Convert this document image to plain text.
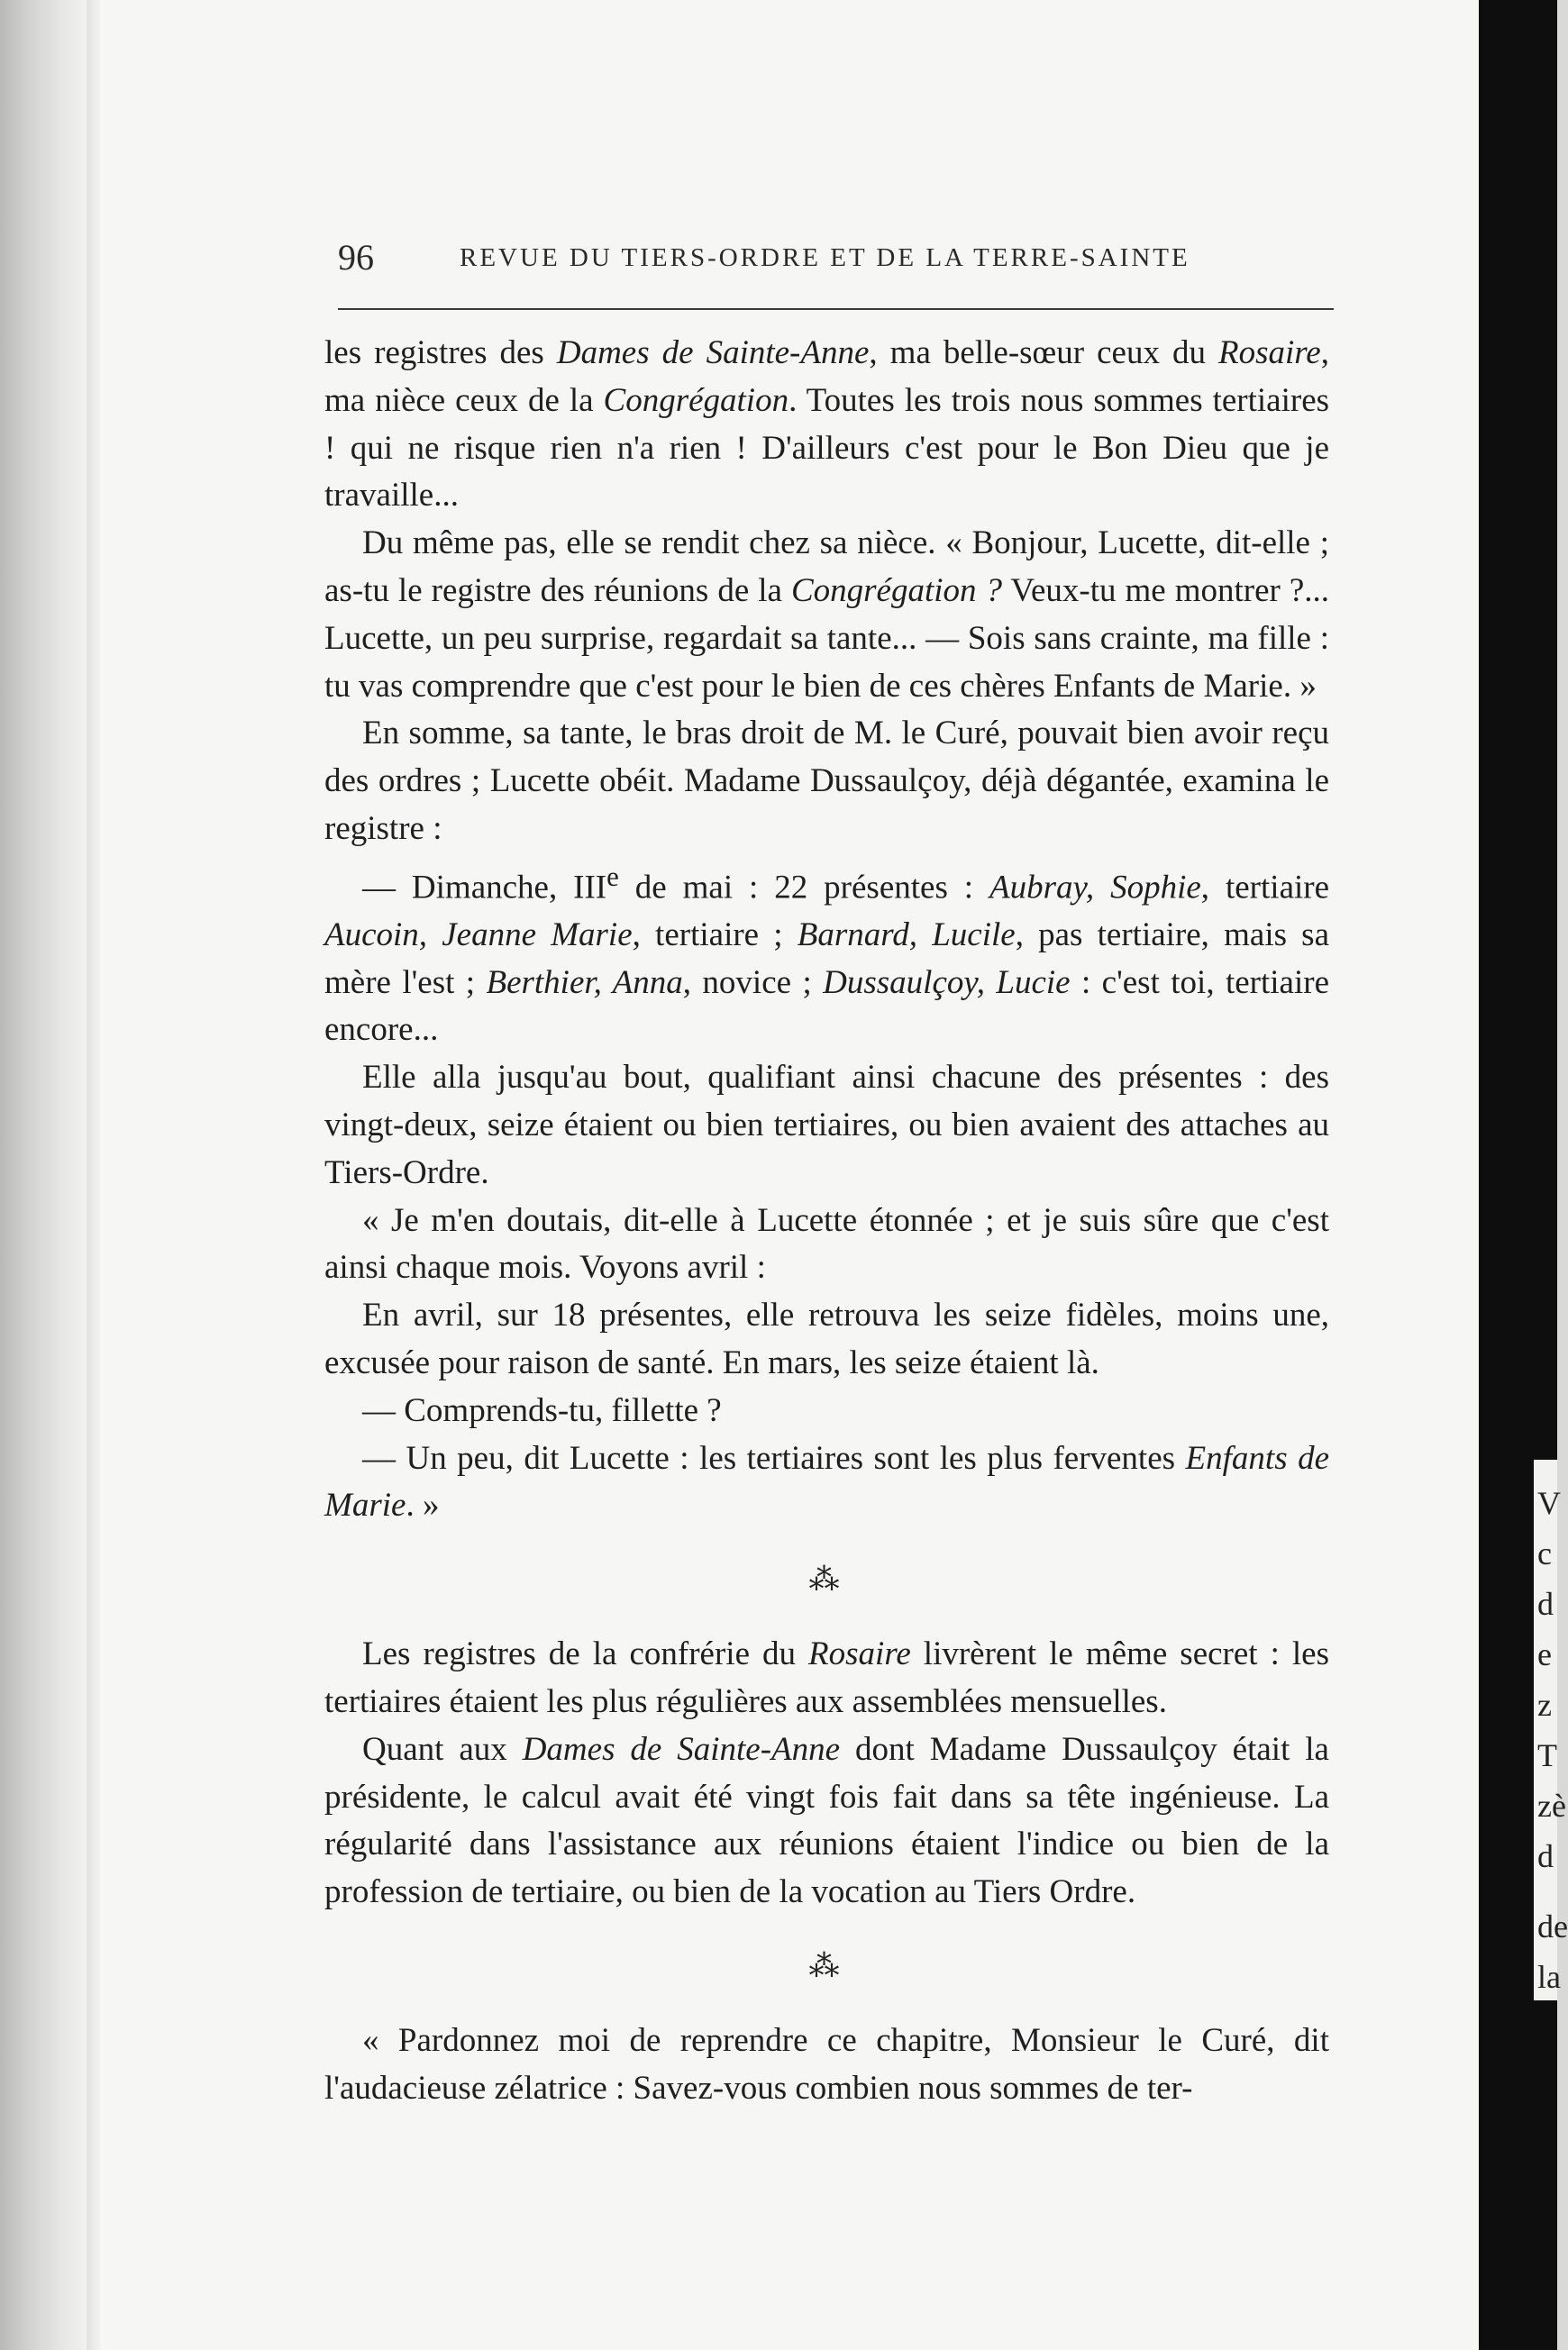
V
c
d
e
z
T
zè
d
de
la
96	REVUE DU TIERS-ORDRE ET DE LA TERRE-SAINTE

les registres des Dames de Sainte-Anne, ma belle-sœur ceux du Rosaire, ma nièce ceux de la Congrégation. Toutes les trois nous sommes tertiaires ! qui ne risque rien n'a rien ! D'ailleurs c'est pour le Bon Dieu que je travaille...

Du même pas, elle se rendit chez sa nièce. « Bonjour, Lucette, dit-elle ; as-tu le registre des réunions de la Congrégation ? Veux-tu me montrer ?... Lucette, un peu surprise, regardait sa tante... — Sois sans crainte, ma fille : tu vas comprendre que c'est pour le bien de ces chères Enfants de Marie. »

En somme, sa tante, le bras droit de M. le Curé, pouvait bien avoir reçu des ordres ; Lucette obéit. Madame Dussaulçoy, déjà dégantée, examina le registre :

— Dimanche, IIIe de mai : 22 présentes : Aubray, Sophie, tertiaire Aucoin, Jeanne Marie, tertiaire ; Barnard, Lucile, pas tertiaire, mais sa mère l'est ; Berthier, Anna, novice ; Dussaulçoy, Lucie : c'est toi, tertiaire encore...

Elle alla jusqu'au bout, qualifiant ainsi chacune des présentes : des vingt-deux, seize étaient ou bien tertiaires, ou bien avaient des attaches au Tiers-Ordre.

« Je m'en doutais, dit-elle à Lucette étonnée ; et je suis sûre que c'est ainsi chaque mois. Voyons avril :

En avril, sur 18 présentes, elle retrouva les seize fidèles, moins une, excusée pour raison de santé. En mars, les seize étaient là.

— Comprends-tu, fillette ?

— Un peu, dit Lucette : les tertiaires sont les plus ferventes Enfants de Marie. »

⁂

Les registres de la confrérie du Rosaire livrèrent le même secret : les tertiaires étaient les plus régulières aux assemblées mensuelles.

Quant aux Dames de Sainte-Anne dont Madame Dussaulçoy était la présidente, le calcul avait été vingt fois fait dans sa tête ingénieuse. La régularité dans l'assistance aux réunions étaient l'indice ou bien de la profession de tertiaire, ou bien de la vocation au Tiers Ordre.

⁂

« Pardonnez moi de reprendre ce chapitre, Monsieur le Curé, dit l'audacieuse zélatrice : Savez-vous combien nous sommes de ter-
